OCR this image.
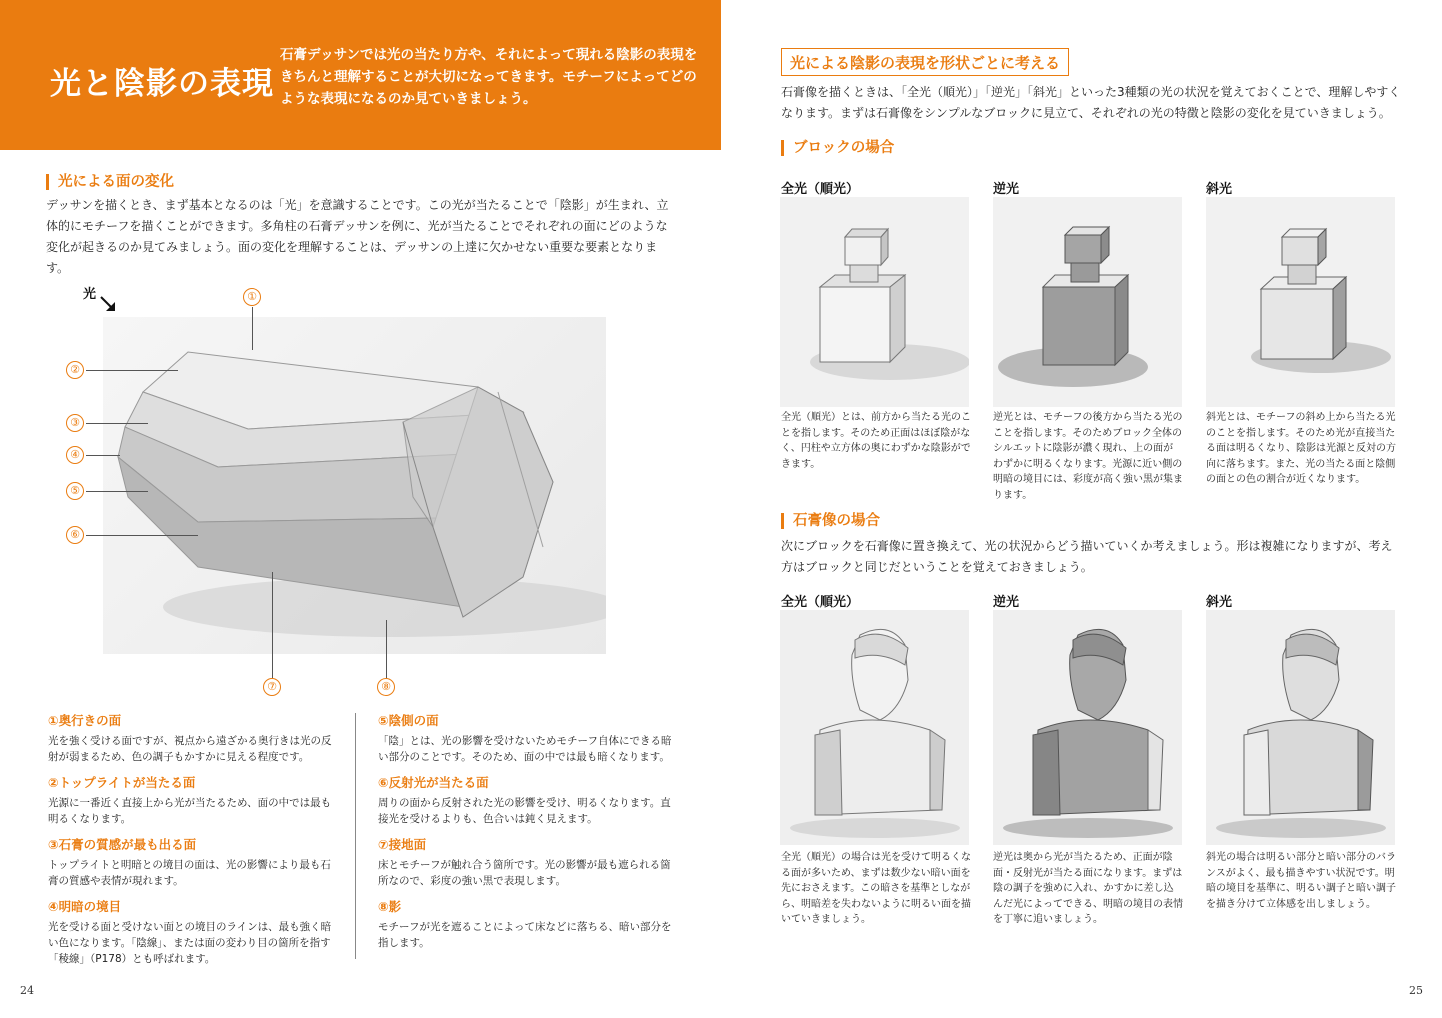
光と陰影の表現
石膏デッサンでは光の当たり方や、それによって現れる陰影の表現をきちんと理解することが大切になってきます。モチーフによってどのような表現になるのか見ていきましょう。
光による面の変化
デッサンを描くとき、まず基本となるのは「光」を意識することです。この光が当たることで「陰影」が生まれ、立体的にモチーフを描くことができます。多角柱の石膏デッサンを例に、光が当たることでそれぞれの面にどのような変化が起きるのか見てみましょう。面の変化を理解することは、デッサンの上達に欠かせない重要な要素となります。
光	①
②
③
④
⑤
⑥
⑦	⑧
①奥行きの面
光を強く受ける面ですが、視点から遠ざかる奥行きは光の反射が弱まるため、色の調子もかすかに見える程度です。
②トップライトが当たる面
光源に一番近く直接上から光が当たるため、面の中では最も明るくなります。
③石膏の質感が最も出る面
トップライトと明暗との境目の面は、光の影響により最も石膏の質感や表情が現れます。
④明暗の境目
光を受ける面と受けない面との境目のラインは、最も強く暗い色になります。「陰線」、または面の変わり目の箇所を指す「稜線」（P178）とも呼ばれます。
⑤陰側の面
「陰」とは、光の影響を受けないためモチーフ自体にできる暗い部分のことです。そのため、面の中では最も暗くなります。
⑥反射光が当たる面
周りの面から反射された光の影響を受け、明るくなります。直接光を受けるよりも、色合いは鈍く見えます。
⑦接地面
床とモチーフが触れ合う箇所です。光の影響が最も遮られる箇所なので、彩度の強い黒で表現します。
⑧影
モチーフが光を遮ることによって床などに落ちる、暗い部分を指します。
24
光による陰影の表現を形状ごとに考える
石膏像を描くときは、「全光（順光）」「逆光」「斜光」といった3種類の光の状況を覚えておくことで、理解しやすくなります。まずは石膏像をシンプルなブロックに見立て、それぞれの光の特徴と陰影の変化を見ていきましょう。
ブロックの場合
全光（順光）	逆光	斜光
全光（順光）とは、前方から当たる光のことを指します。そのため正面はほぼ陰がなく、円柱や立方体の奥にわずかな陰影ができます。
逆光とは、モチーフの後方から当たる光のことを指します。そのためブロック全体のシルエットに陰影が濃く現れ、上の面がわずかに明るくなります。光源に近い側の明暗の境目には、彩度が高く強い黒が集まります。
斜光とは、モチーフの斜め上から当たる光のことを指します。そのため光が直接当たる面は明るくなり、陰影は光源と反対の方向に落ちます。また、光の当たる面と陰側の面との色の割合が近くなります。
石膏像の場合
次にブロックを石膏像に置き換えて、光の状況からどう描いていくか考えましょう。形は複雑になりますが、考え方はブロックと同じだということを覚えておきましょう。
全光（順光）	逆光	斜光
全光（順光）の場合は光を受けて明るくなる面が多いため、まずは数少ない暗い面を先におさえます。この暗さを基準としながら、明暗差を失わないように明るい面を描いていきましょう。
逆光は奥から光が当たるため、正面が陰面・反射光が当たる面になります。まずは陰の調子を強めに入れ、かすかに差し込んだ光によってできる、明暗の境目の表情を丁寧に追いましょう。
斜光の場合は明るい部分と暗い部分のバランスがよく、最も描きやすい状況です。明暗の境目を基準に、明るい調子と暗い調子を描き分けて立体感を出しましょう。
25
